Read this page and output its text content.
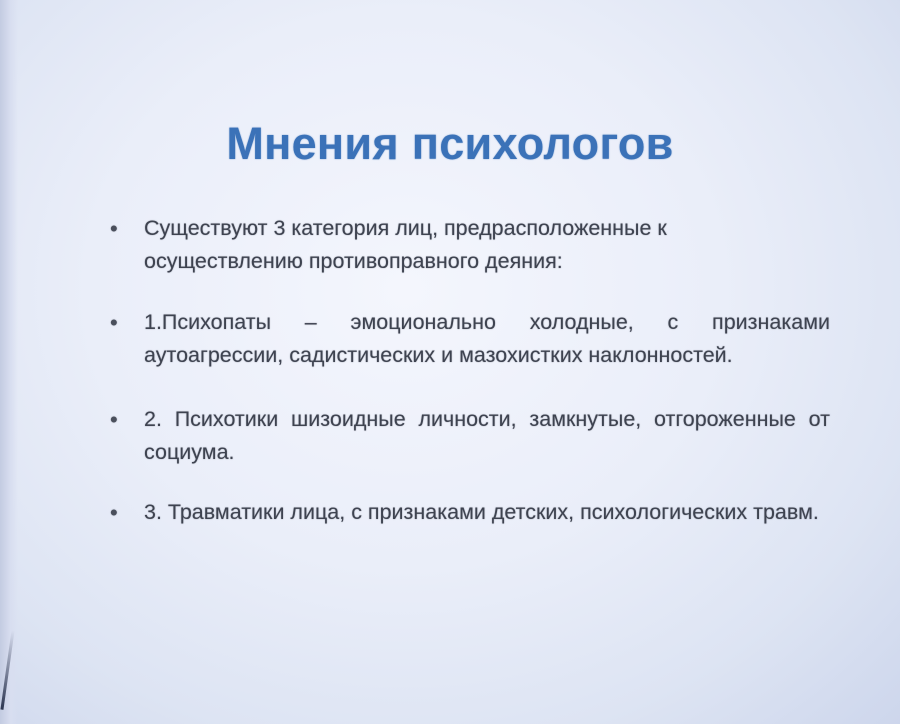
Мнения психологов
• Существуют 3 категория лиц, предрасположенные к осуществлению противоправного деяния:
• 1.Психопаты – эмоционально холодные, с признаками аутоагрессии, садистических и мазохистких наклонностей.
• 2. Психотики шизоидные личности, замкнутые, отгороженные от социума.
• 3. Травматики лица, с признаками детских, психологических травм.
